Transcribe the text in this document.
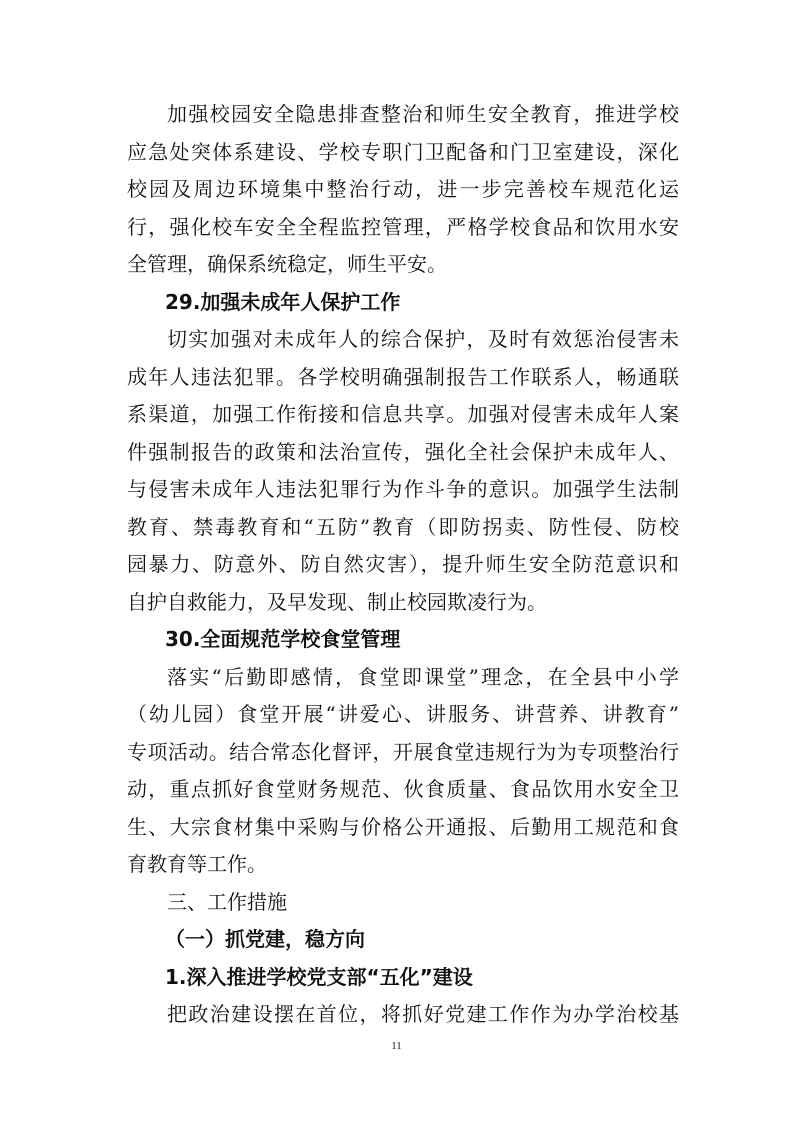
加强校园安全隐患排查整治和师生安全教育，推进学校
应急处突体系建设、学校专职门卫配备和门卫室建设，深化
校园及周边环境集中整治行动，进一步完善校车规范化运
行，强化校车安全全程监控管理，严格学校食品和饮用水安
全管理，确保系统稳定，师生平安。
29.加强未成年人保护工作
切实加强对未成年人的综合保护，及时有效惩治侵害未
成年人违法犯罪。各学校明确强制报告工作联系人，畅通联
系渠道，加强工作衔接和信息共享。加强对侵害未成年人案
件强制报告的政策和法治宣传，强化全社会保护未成年人、
与侵害未成年人违法犯罪行为作斗争的意识。加强学生法制
教育、禁毒教育和“五防”教育（即防拐卖、防性侵、防校
园暴力、防意外、防自然灾害），提升师生安全防范意识和
自护自救能力，及早发现、制止校园欺凌行为。
30.全面规范学校食堂管理
落实“后勤即感情，食堂即课堂”理念，在全县中小学
（幼儿园）食堂开展“讲爱心、讲服务、讲营养、讲教育”
专项活动。结合常态化督评，开展食堂违规行为为专项整治行
动，重点抓好食堂财务规范、伙食质量、食品饮用水安全卫
生、大宗食材集中采购与价格公开通报、后勤用工规范和食
育教育等工作。
三、工作措施
（一）抓党建，稳方向
1.深入推进学校党支部“五化”建设
把政治建设摆在首位，将抓好党建工作作为办学治校基
11
